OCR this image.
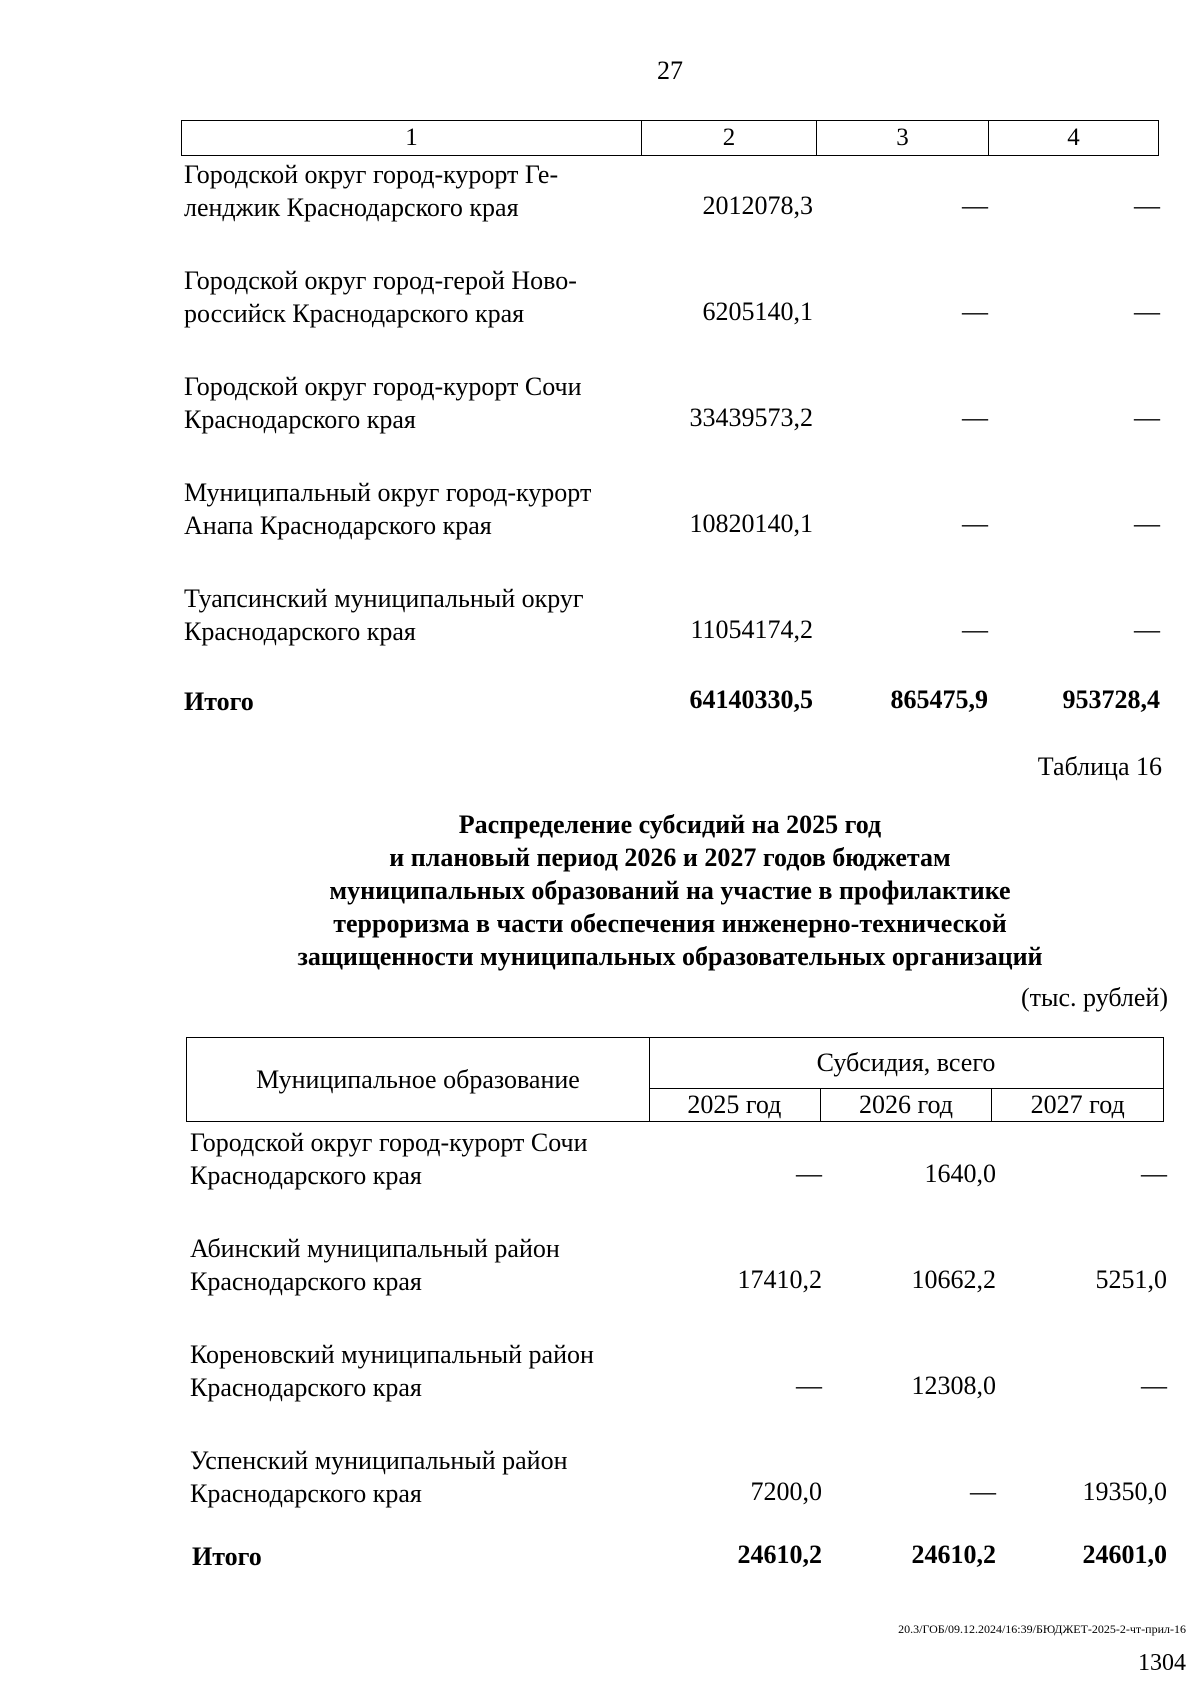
27
1	2	3	4
Городской округ город-курорт Ге-
ленджик Краснодарского края	2012078,3	—	—
Городской округ город-герой Ново-
российск Краснодарского края	6205140,1	—	—
Городской округ город-курорт Сочи
Краснодарского края	33439573,2	—	—
Муниципальный округ город-курорт
Анапа Краснодарского края	10820140,1	—	—
Туапсинский муниципальный округ
Краснодарского края	11054174,2	—	—
Итого	64140330,5	865475,9	953728,4
Таблица 16
Распределение субсидий на 2025 год
и плановый период 2026 и 2027 годов бюджетам
муниципальных образований на участие в профилактике
терроризма в части обеспечения инженерно-технической
защищенности муниципальных образовательных организаций
(тыс. рублей)
Муниципальное образование
Субсидия, всего
2025 год	2026 год	2027 год
Городской округ город-курорт Сочи
Краснодарского края	—	1640,0	—
Абинский муниципальный район
Краснодарского края	17410,2	10662,2	5251,0
Кореновский муниципальный район
Краснодарского края	—	12308,0	—
Успенский муниципальный район
Краснодарского края	7200,0	—	19350,0
Итого	24610,2	24610,2	24601,0
20.3/ГОБ/09.12.2024/16:39/БЮДЖЕТ-2025-2-чт-прил-16
1304
